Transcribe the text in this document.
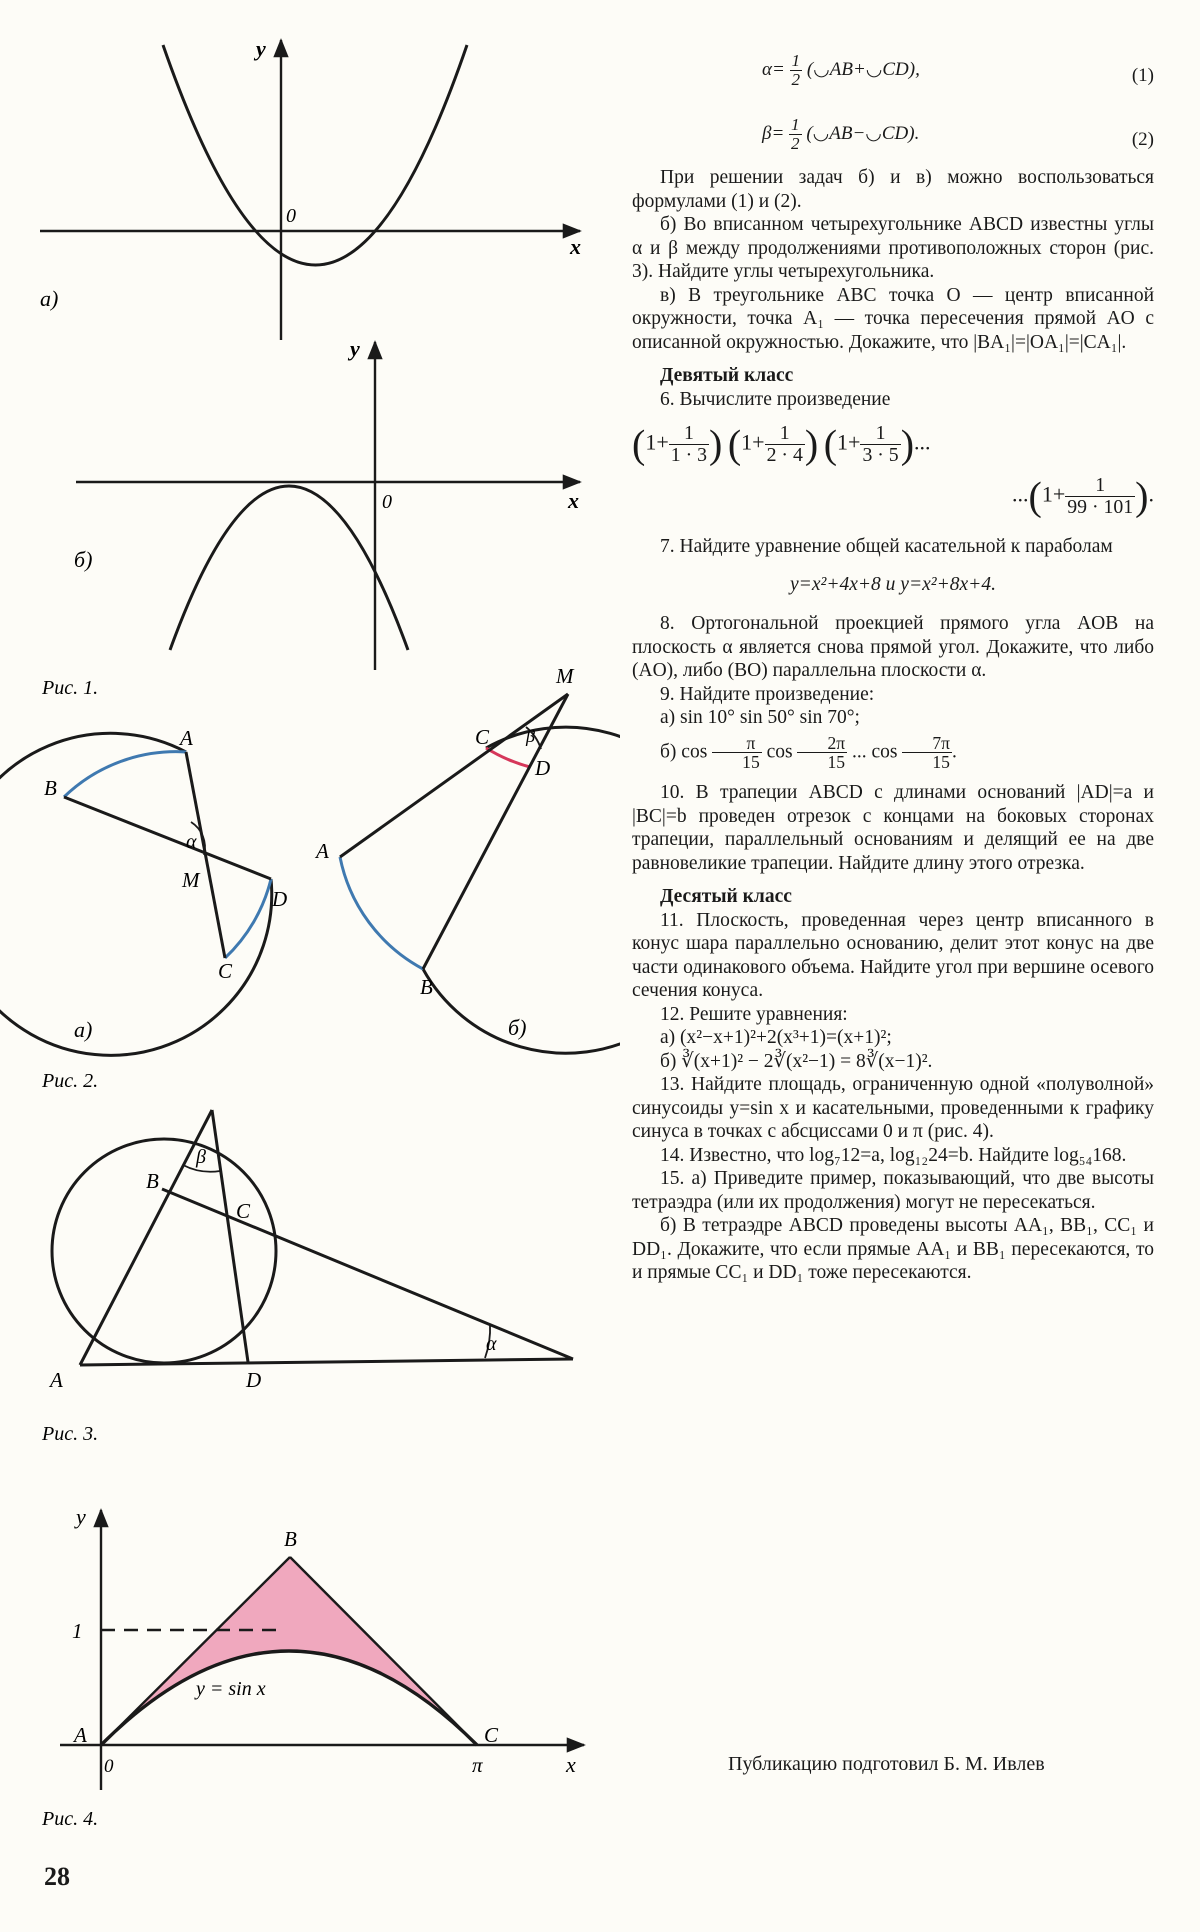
y
x
0
а)
y
x
0
б)
Рис. 1.
A
B
C
D
M
α
а)
M
C
D
A
B
β
б)
Рис. 2.
B
C
A	D
β
α
Рис. 3.
y
x
B
1
A	C
0	π
y = sin x
Рис. 4.
$\alpha= \frac{1}{2}$ (◡AB+◡CD),	(1)
$\beta= \frac{1}{2}$ (◡AB−◡CD).	(2)

При решении задач б) и в) можно воспользоваться формулами (1) и (2).

б) Во вписанном четырехугольнике ABCD известны углы α и β между продолжениями противоположных сторон (рис. 3). Найдите углы четырехугольника.

в) В треугольнике ABC точка O — центр вписанной окружности, точка A₁ — точка пересечения прямой AO с описанной окружностью. Докажите, что |BA₁|=|OA₁|=|CA₁|.

Девятый класс

6. Вычислите произведение

($1+ \frac{1}{1 \cdot 3}$ ) ($1+ \frac{1}{2 \cdot 4}$ ) ($1+ \frac{1}{3 \cdot 5}$ )...
$...(1+ \frac{1}{99 \cdot 101}$ ).

7. Найдите уравнение общей касательной к параболам

y=x²+4x+8 и y=x²+8x+4.

8. Ортогональной проекцией прямого угла AOB на плоскость α является снова прямой угол. Докажите, что либо (AO), либо (BO) параллельна плоскости α.

9. Найдите произведение:

а) sin 10° sin 50° sin 70°;

б) $\cos \frac{\pi}{15}$ $\cos \frac{2\pi}{15}$ ... $\cos \frac{7\pi}{15}$ .

10. В трапеции ABCD с длинами оснований |AD|=a и |BC|=b проведен отрезок с концами на боковых сторонах трапеции, параллельный основаниям и делящий ее на две равновеликие трапеции. Найдите длину этого отрезка.

Десятый класс

11. Плоскость, проведенная через центр вписанного в конус шара параллельно основанию, делит этот конус на две части одинакового объема. Найдите угол при вершине осевого сечения конуса.

12. Решите уравнения:

а) (x²−x+1)²+2(x³+1)=(x+1)²;

б) ∛(x+1)² − 2∛(x²−1) = 8∛(x−1)².

13. Найдите площадь, ограниченную одной «полуволной» синусоиды y=sin x и касательными, проведенными к графику синуса в точках с абсциссами 0 и π (рис. 4).

14. Известно, что log₇12=a, log₁₂24=b. Найдите log₅₄168.

15. а) Приведите пример, показывающий, что две высоты тетраэдра (или их продолжения) могут не пересекаться.

б) В тетраэдре ABCD проведены высоты AA₁, BB₁, CC₁ и DD₁. Докажите, что если прямые AA₁ и BB₁ пересекаются, то и прямые CC₁ и DD₁ тоже пересекаются.

Публикацию подготовил Б. М. Ивлев
28
